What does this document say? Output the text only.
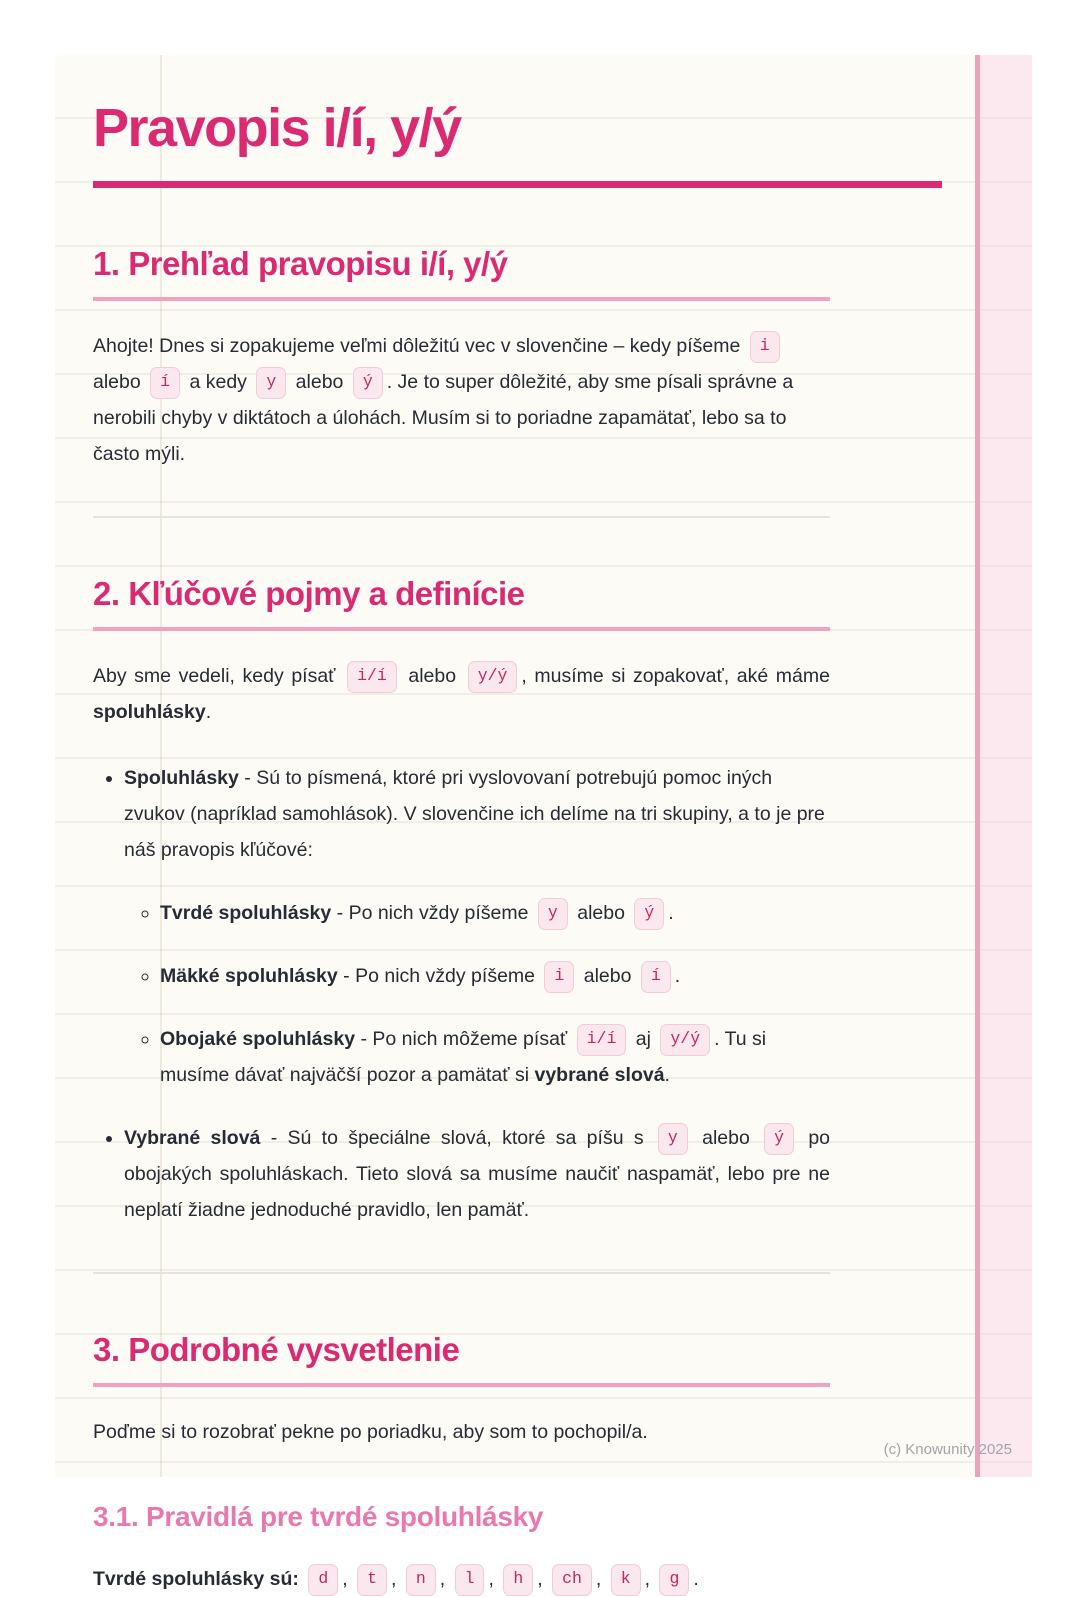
Pravopis i/í, y/ý
1. Prehľad pravopisu i/í, y/ý

Ahojte! Dnes si zopakujeme veľmi dôležitú vec v slovenčine – kedy píšeme i alebo í a kedy y alebo ý . Je to super dôležité, aby sme písali správne a nerobili chyby v diktátoch a úlohách. Musím si to poriadne zapamätať, lebo sa to často mýli.

2. Kľúčové pojmy a definície

Aby sme vedeli, kedy písať i/í alebo y/ý , musíme si zopakovať, aké máme spoluhlásky.

• Spoluhlásky - Sú to písmená, ktoré pri vyslovovaní potrebujú pomoc iných zvukov (napríklad samohlások). V slovenčine ich delíme na tri skupiny, a to je pre náš pravopis kľúčové:
◦ Tvrdé spoluhlásky - Po nich vždy píšeme y alebo ý .
◦ Mäkké spoluhlásky - Po nich vždy píšeme i alebo í .
◦ Obojaké spoluhlásky - Po nich môžeme písať i/í aj y/ý . Tu si musíme dávať najväčší pozor a pamätať si vybrané slová.
• Vybrané slová - Sú to špeciálne slová, ktoré sa píšu s y alebo ý po obojakých spoluhláskach. Tieto slová sa musíme naučiť naspamäť, lebo pre ne neplatí žiadne jednoduché pravidlo, len pamäť.
3. Podrobné vysvetlenie

Poďme si to rozobrať pekne po poriadku, aby som to pochopil/a.

3.1. Pravidlá pre tvrdé spoluhlásky

Tvrdé spoluhlásky sú: d , t , n , l , h , ch , k , g .

(c) Knowunity 2025
